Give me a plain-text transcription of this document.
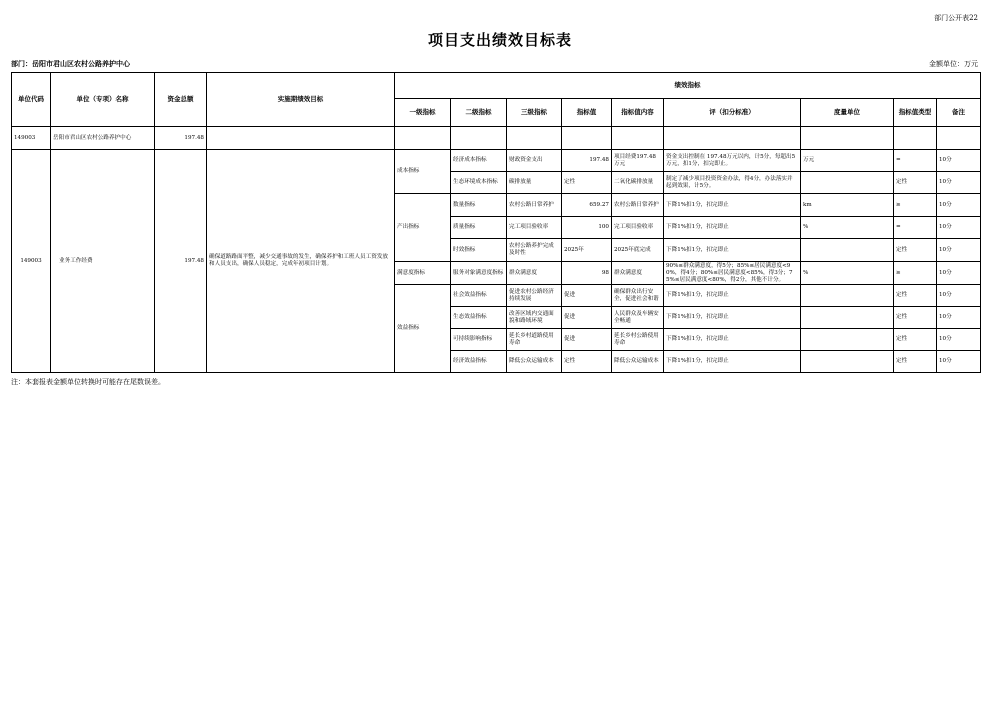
部门公开表22
项目支出绩效目标表
部门：岳阳市君山区农村公路养护中心	金额单位：万元
单位代码	单位（专项）名称	资金总额	实施期绩效目标	绩效指标								
				一级指标	二级指标	三级指标	指标值	指标值内容	评（扣分标准）	度量单位	指标值类型	备注
149003	岳阳市君山区农村公路养护中心	197.48										
149003	业务工作经费	197.48	确保道路路面平整，减少交通事故的发生，确保养护和工班人员工资发放和人员支出，确保人员稳定，完成年初项目计划。	成本指标	经济成本指标	财政资金支出	197.48	项目经费197.48万元	资金支出控制在 197.48万元以内，计5分，每超出5 万元，扣1分，扣完即止。	万元	=	10分
					生态环境成本指标	碳排放量	定性	二氧化碳排放量	制定了减少项目投资资金办法，得4分，办法落实并起到效果，计5分。		定性	10分
				产出指标	数量指标	农村公路日常养护	659.27	农村公路日常养护	下降1%扣1分，扣完即止	km	≥	10分
					质量指标	完工项目验收率	100	完工项目验收率	下降1%扣1分，扣完即止	%	=	10分
					时效指标	农村公路养护完成及时性	2025年	2025年底完成	下降1%扣1分，扣完即止		定性	10分
				满意度指标	服务对象满意度指标	群众满意度	98	群众满意度	90%≤群众满意度，得5分；85%≤居民满意度<90%，得4分；80%≤居民满意度<85%，得3分；75%≤居民满意度<80%，得2分，其他不计分。	%	≥	10分
				效益指标	社会效益指标	促进农村公路经济持续发展	促进	确保群众出行安全，促进社会和谐	下降1%扣1分，扣完即止		定性	10分
					生态效益指标	改善区域内交通面貌和路域环境	促进	人民群众及车辆安全畅通	下降1%扣1分，扣完即止		定性	10分
					可持续影响指标	延长乡村道路使用寿命	促进	延长乡村公路使用寿命	下降1%扣1分，扣完即止		定性	10分
					经济效益指标	降低公众运输成本	定性	降低公众运输成本	下降1%扣1分，扣完即止		定性	10分
注：本套报表金额单位转换时可能存在尾数误差。
